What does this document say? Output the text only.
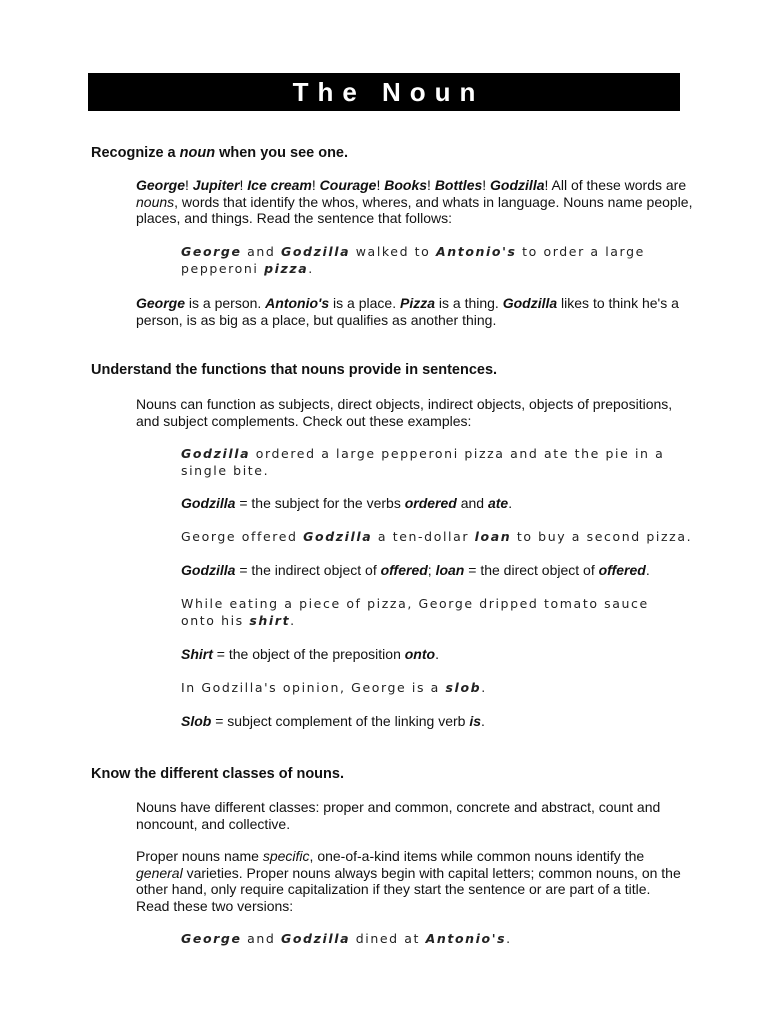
The Noun

Recognize a noun when you see one.

George! Jupiter! Ice cream! Courage! Books! Bottles! Godzilla! All of these words are nouns, words that identify the whos, wheres, and whats in language. Nouns name people, places, and things. Read the sentence that follows:

George and Godzilla walked to Antonio's to order a large pepperoni pizza.

George is a person. Antonio's is a place. Pizza is a thing. Godzilla likes to think he's a person, is as big as a place, but qualifies as another thing.

Understand the functions that nouns provide in sentences.

Nouns can function as subjects, direct objects, indirect objects, objects of prepositions, and subject complements. Check out these examples:

Godzilla ordered a large pepperoni pizza and ate the pie in a single bite.

Godzilla = the subject for the verbs ordered and ate.

George offered Godzilla a ten-dollar loan to buy a second pizza.

Godzilla = the indirect object of offered; loan = the direct object of offered.

While eating a piece of pizza, George dripped tomato sauce onto his shirt.

Shirt = the object of the preposition onto.

In Godzilla's opinion, George is a slob.

Slob = subject complement of the linking verb is.

Know the different classes of nouns.

Nouns have different classes: proper and common, concrete and abstract, count and noncount, and collective.

Proper nouns name specific, one-of-a-kind items while common nouns identify the general varieties. Proper nouns always begin with capital letters; common nouns, on the other hand, only require capitalization if they start the sentence or are part of a title. Read these two versions:

George and Godzilla dined at Antonio's.
